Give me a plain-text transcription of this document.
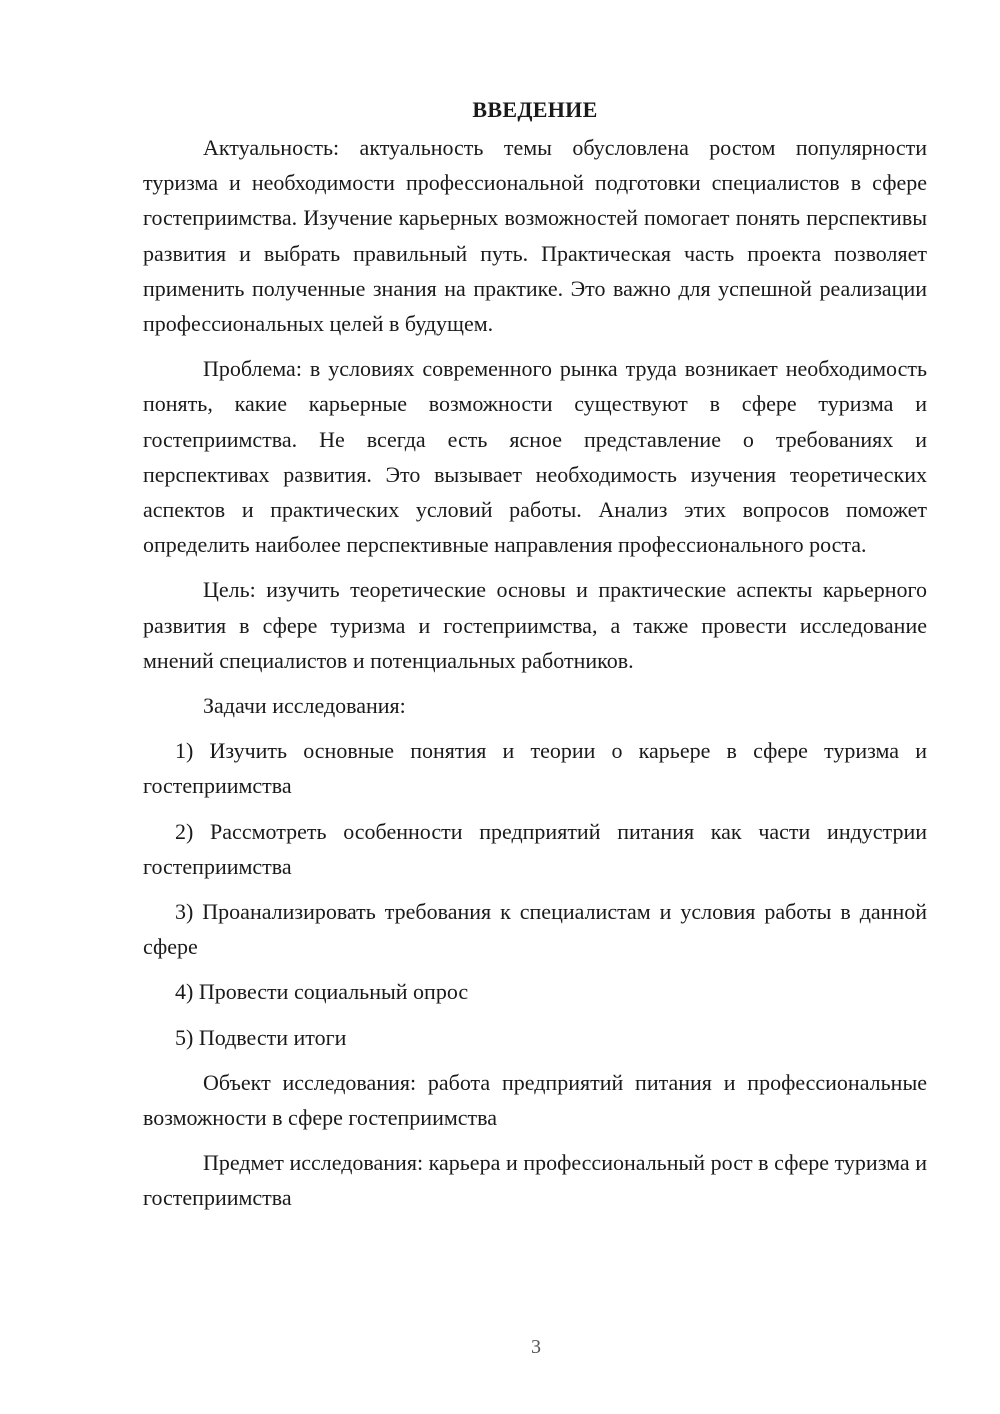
ВВЕДЕНИЕ

Актуальность: актуальность темы обусловлена ростом популярности туризма и необходимости профессиональной подготовки специалистов в сфере гостеприимства. Изучение карьерных возможностей помогает понять перспективы развития и выбрать правильный путь. Практическая часть проекта позволяет применить полученные знания на практике. Это важно для успешной реализации профессиональных целей в будущем.

Проблема: в условиях современного рынка труда возникает необходимость понять, какие карьерные возможности существуют в сфере туризма и гостеприимства. Не всегда есть ясное представление о требованиях и перспективах развития. Это вызывает необходимость изучения теоретических аспектов и практических условий работы. Анализ этих вопросов поможет определить наиболее перспективные направления профессионального роста.

Цель: изучить теоретические основы и практические аспекты карьерного развития в сфере туризма и гостеприимства, а также провести исследование мнений специалистов и потенциальных работников.

Задачи исследования:

1) Изучить основные понятия и теории о карьере в сфере туризма и гостеприимства

2) Рассмотреть особенности предприятий питания как части индустрии гостеприимства

3) Проанализировать требования к специалистам и условия работы в данной сфере

4) Провести социальный опрос

5) Подвести итоги

Объект исследования: работа предприятий питания и профессиональные возможности в сфере гостеприимства

Предмет исследования: карьера и профессиональный рост в сфере туризма и гостеприимства

3
